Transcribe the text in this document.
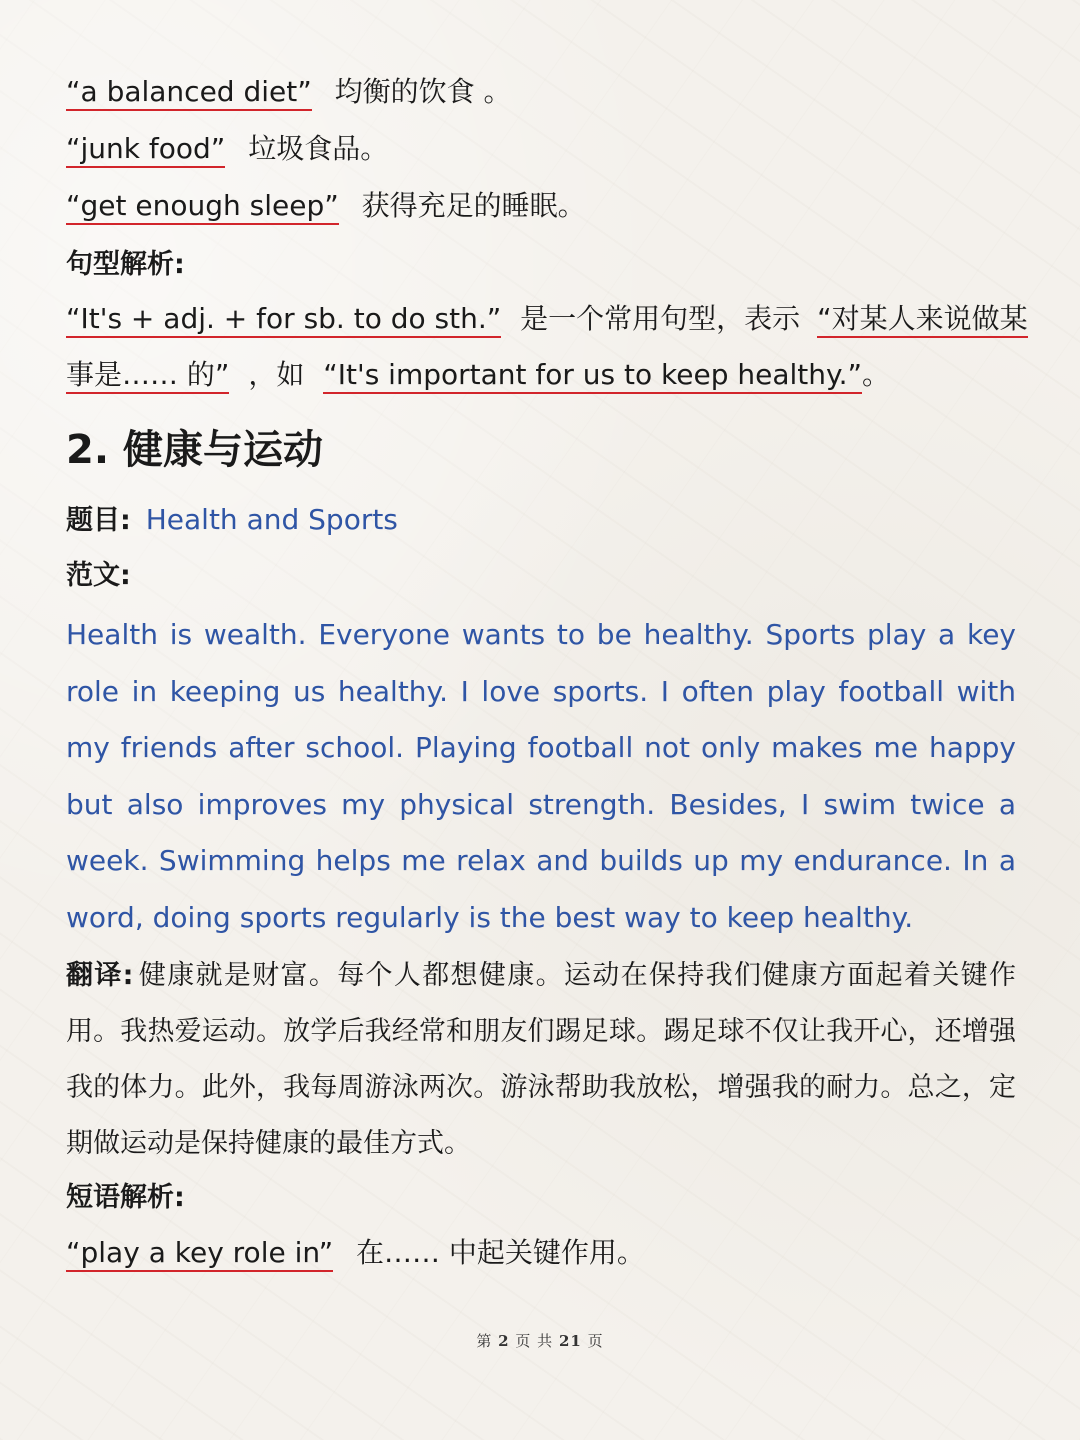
“a balanced diet” 均衡的饮食 。
“junk food” 垃圾食品。
“get enough sleep” 获得充足的睡眠。
句型解析:
“It's + adj. + for sb. to do sth.” 是一个常用句型，表示 “对某人来说做某
事是…… 的” ，如 “It's important for us to keep healthy.”。
2. 健康与运动
题目: Health and Sports
范文:
Health is wealth. Everyone wants to be healthy. Sports play a key role in keeping us healthy. I love sports. I often play football with my friends after school. Playing football not only makes me happy but also improves my physical strength. Besides, I swim twice a week. Swimming helps me relax and builds up my endurance. In a word, doing sports regularly is the best way to keep healthy.
翻译: 健康就是财富。每个人都想健康。运动在保持我们健康方面起着关键作用。我热爱运动。放学后我经常和朋友们踢足球。踢足球不仅让我开心，还增强我的体力。此外，我每周游泳两次。游泳帮助我放松，增强我的耐力。总之，定期做运动是保持健康的最佳方式。
短语解析:
“play a key role in” 在…… 中起关键作用。
第 2 页 共 21 页
